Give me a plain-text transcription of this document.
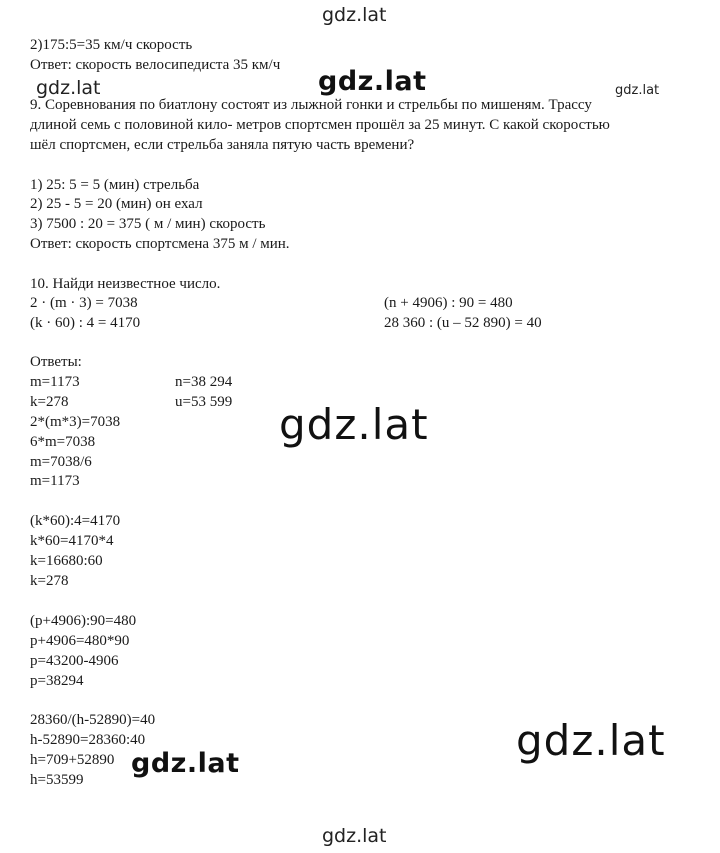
gdz.lat
gdz.lat	gdz.lat	gdz.lat
gdz.lat
gdz.lat
gdz.lat
gdz.lat
2)175:5=35 км/ч скорость
Ответ: скорость велосипедиста 35 км/ч
9. Соревнования по биатлону состоят из лыжной гонки и стрельбы по мишеням. Трассу
длиной семь с половиной кило- метров спортсмен прошёл за 25 минут. С какой скоростью
шёл спортсмен, если стрельба заняла пятую часть времени?
1) 25: 5 = 5 (мин) стрельба
2) 25 - 5 = 20 (мин) он ехал
3) 7500 : 20 = 375 ( м / мин) скорость
Ответ: скорость спортсмена 375 м / мин.
10. Найди неизвестное число.
2 · (m · 3) = 7038	(n + 4906) : 90 = 480
(k · 60) : 4 = 4170	28 360 : (u – 52 890) = 40
Ответы:
m=1173	n=38 294
k=278	u=53 599
2*(m*3)=7038
6*m=7038
m=7038/6
m=1173
(k*60):4=4170
k*60=4170*4
k=16680:60
k=278
(p+4906):90=480
p+4906=480*90
p=43200-4906
p=38294
28360/(h-52890)=40
h-52890=28360:40
h=709+52890
h=53599
